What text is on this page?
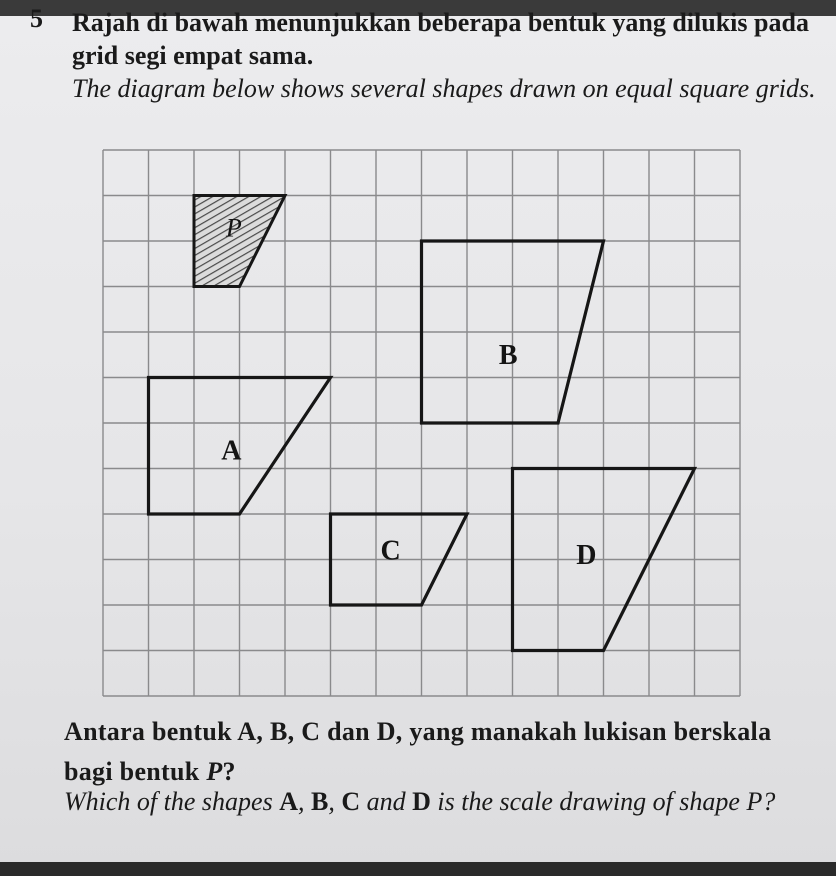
5 Rajah di bawah menunjukkan beberapa bentuk yang dilukis pada grid segi empat sama.

The diagram below shows several shapes drawn on equal square grids.

P
A
B
C	D

Antara bentuk A, B, C dan D, yang manakah lukisan berskala bagi bentuk P?

Which of the shapes A, B, C and D is the scale drawing of shape P?
